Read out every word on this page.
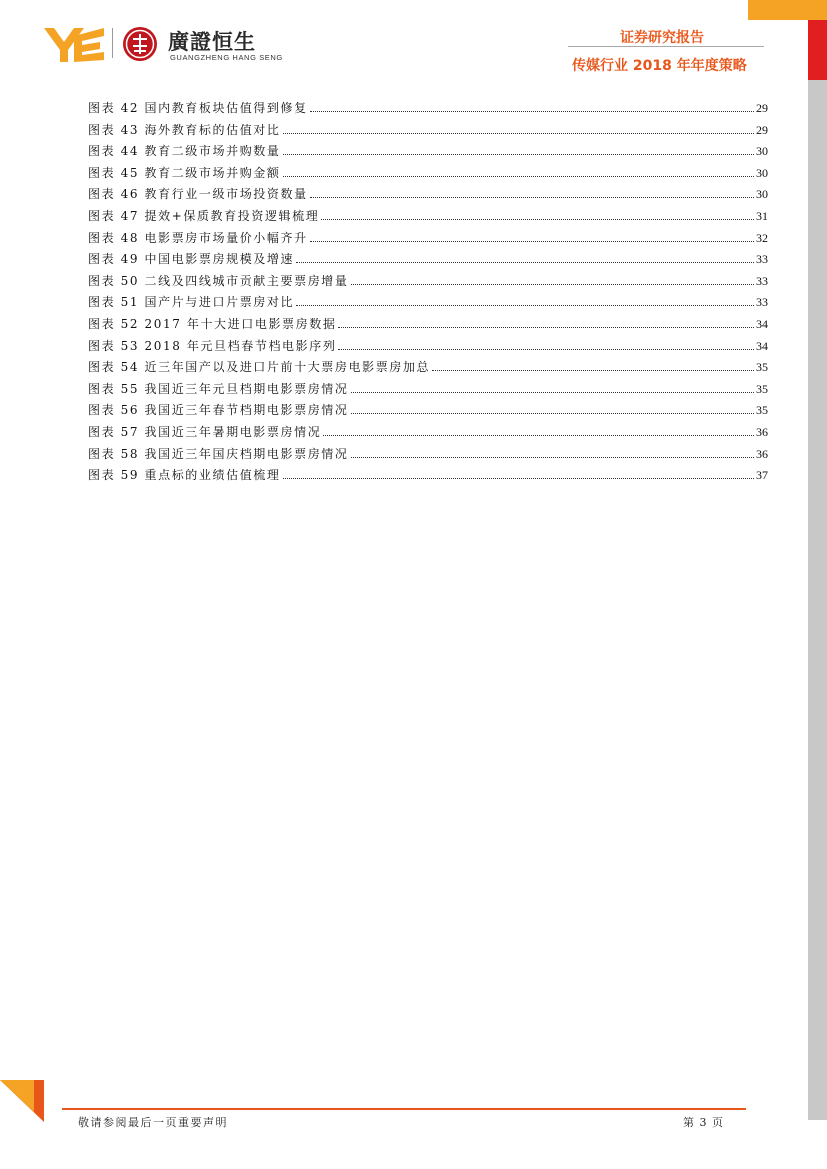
廣證恒生
GUANGZHENG HANG SENG
证券研究报告
传媒行业 2018 年年度策略
图表 42 国内教育板块估值得到修复	29
图表 43 海外教育标的估值对比	29
图表 44 教育二级市场并购数量	30
图表 45 教育二级市场并购金额	30
图表 46 教育行业一级市场投资数量	30
图表 47 提效+保质教育投资逻辑梳理	31
图表 48 电影票房市场量价小幅齐升	32
图表 49 中国电影票房规模及增速	33
图表 50 二线及四线城市贡献主要票房增量	33
图表 51 国产片与进口片票房对比	33
图表 52 2017 年十大进口电影票房数据	34
图表 53 2018 年元旦档春节档电影序列	34
图表 54 近三年国产以及进口片前十大票房电影票房加总	35
图表 55 我国近三年元旦档期电影票房情况	35
图表 56 我国近三年春节档期电影票房情况	35
图表 57 我国近三年暑期电影票房情况	36
图表 58 我国近三年国庆档期电影票房情况	36
图表 59 重点标的业绩估值梳理	37
敬请参阅最后一页重要声明	第 3 页
